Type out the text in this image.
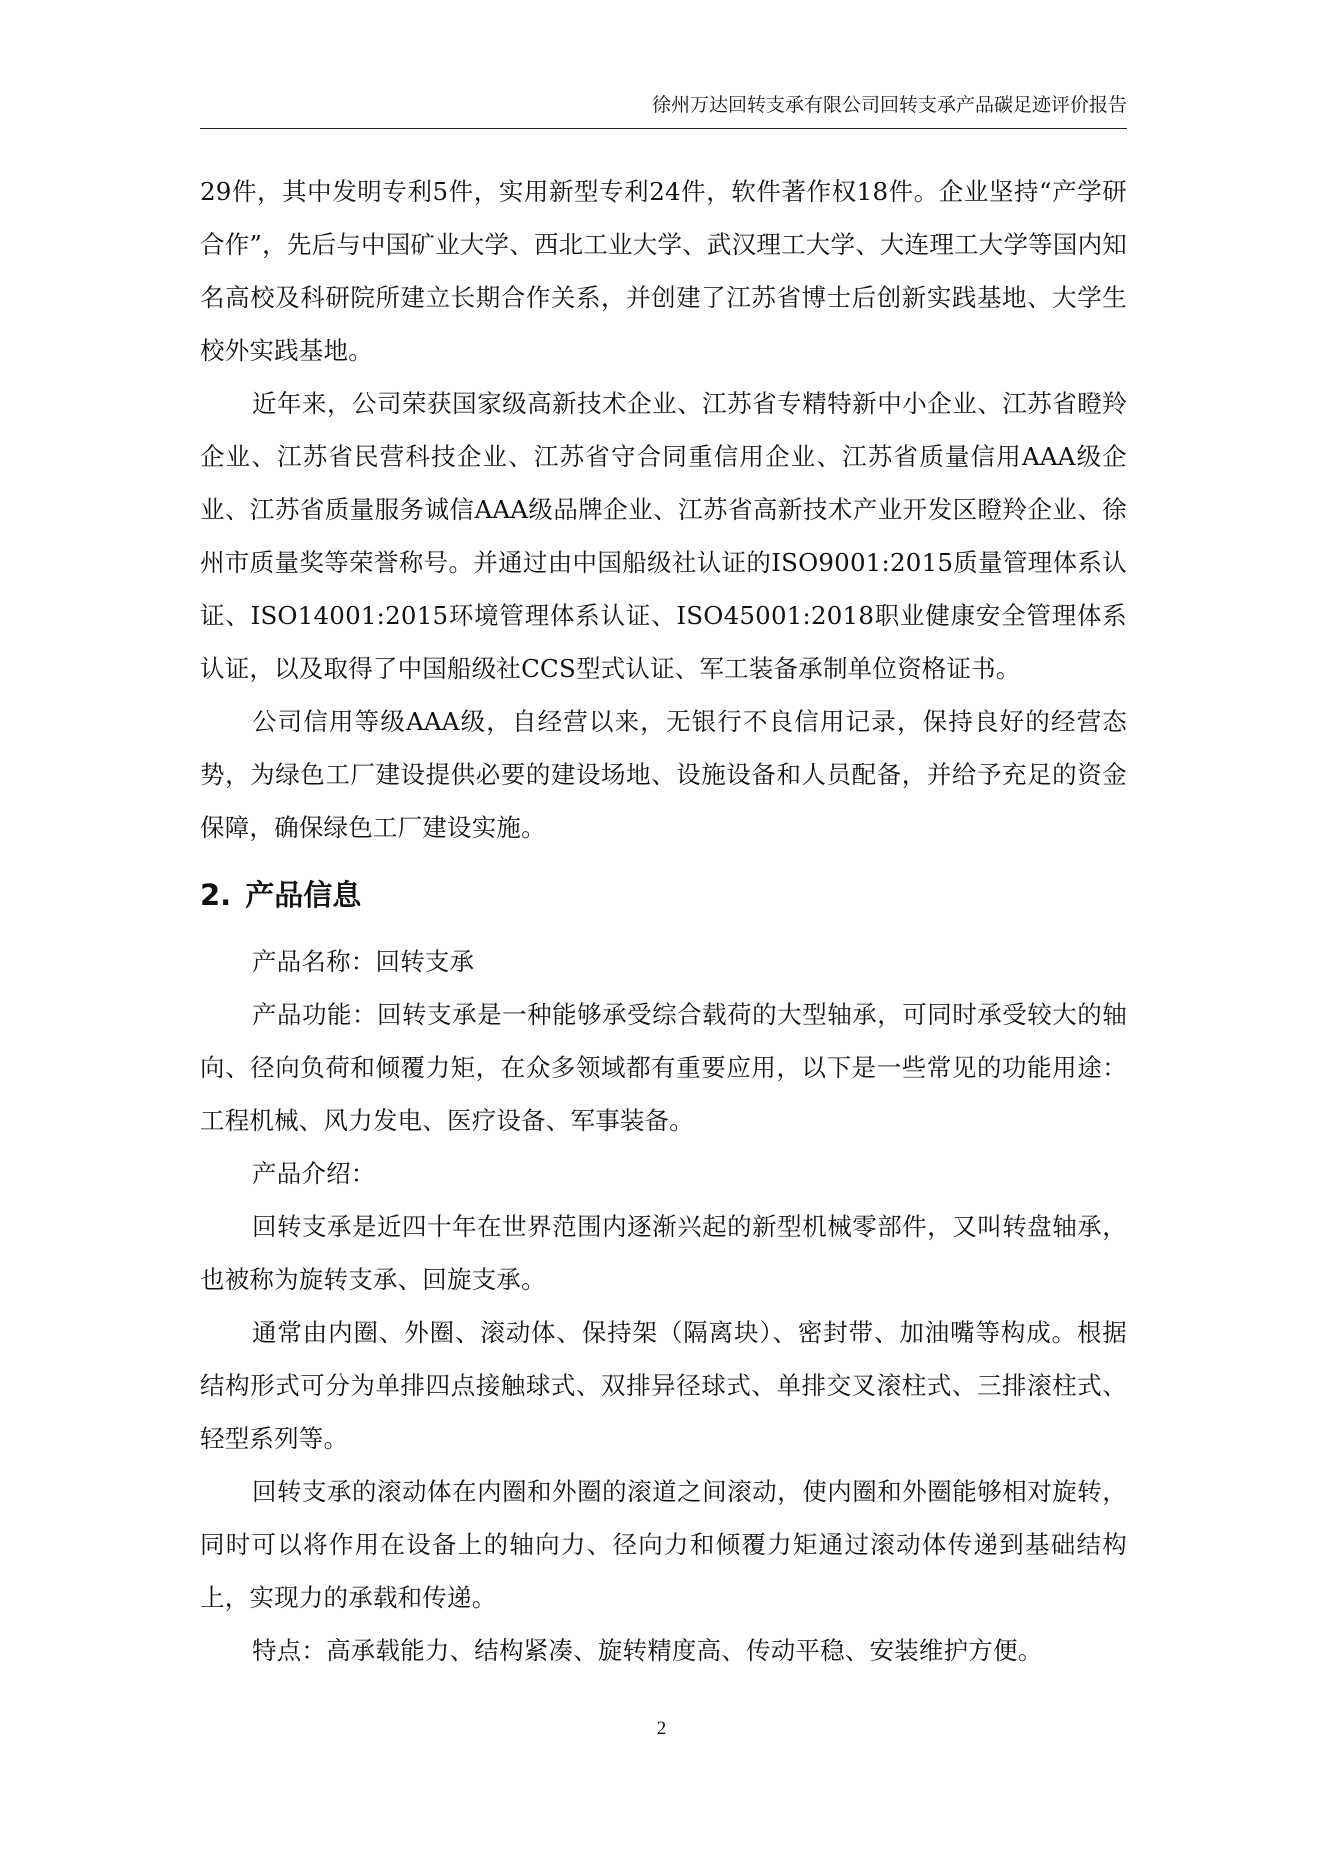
徐州万达回转支承有限公司回转支承产品碳足迹评价报告

29件，其中发明专利5件，实用新型专利24件，软件著作权18件。企业坚持“产学研合作”，先后与中国矿业大学、西北工业大学、武汉理工大学、大连理工大学等国内知名高校及科研院所建立长期合作关系，并创建了江苏省博士后创新实践基地、大学生校外实践基地。

近年来，公司荣获国家级高新技术企业、江苏省专精特新中小企业、江苏省瞪羚企业、江苏省民营科技企业、江苏省守合同重信用企业、江苏省质量信用AAA级企业、江苏省质量服务诚信AAA级品牌企业、江苏省高新技术产业开发区瞪羚企业、徐州市质量奖等荣誉称号。并通过由中国船级社认证的ISO9001:2015质量管理体系认证、ISO14001:2015环境管理体系认证、ISO45001:2018职业健康安全管理体系认证，以及取得了中国船级社CCS型式认证、军工装备承制单位资格证书。

公司信用等级AAA级，自经营以来，无银行不良信用记录，保持良好的经营态势，为绿色工厂建设提供必要的建设场地、设施设备和人员配备，并给予充足的资金保障，确保绿色工厂建设实施。

2. 产品信息

产品名称：回转支承

产品功能：回转支承是一种能够承受综合载荷的大型轴承，可同时承受较大的轴向、径向负荷和倾覆力矩，在众多领域都有重要应用，以下是一些常见的功能用途：工程机械、风力发电、医疗设备、军事装备。

产品介绍：

回转支承是近四十年在世界范围内逐渐兴起的新型机械零部件，又叫转盘轴承，也被称为旋转支承、回旋支承。

通常由内圈、外圈、滚动体、保持架（隔离块）、密封带、加油嘴等构成。根据结构形式可分为单排四点接触球式、双排异径球式、单排交叉滚柱式、三排滚柱式、轻型系列等。

回转支承的滚动体在内圈和外圈的滚道之间滚动，使内圈和外圈能够相对旋转，同时可以将作用在设备上的轴向力、径向力和倾覆力矩通过滚动体传递到基础结构上，实现力的承载和传递。

特点：高承载能力、结构紧凑、旋转精度高、传动平稳、安装维护方便。

2
